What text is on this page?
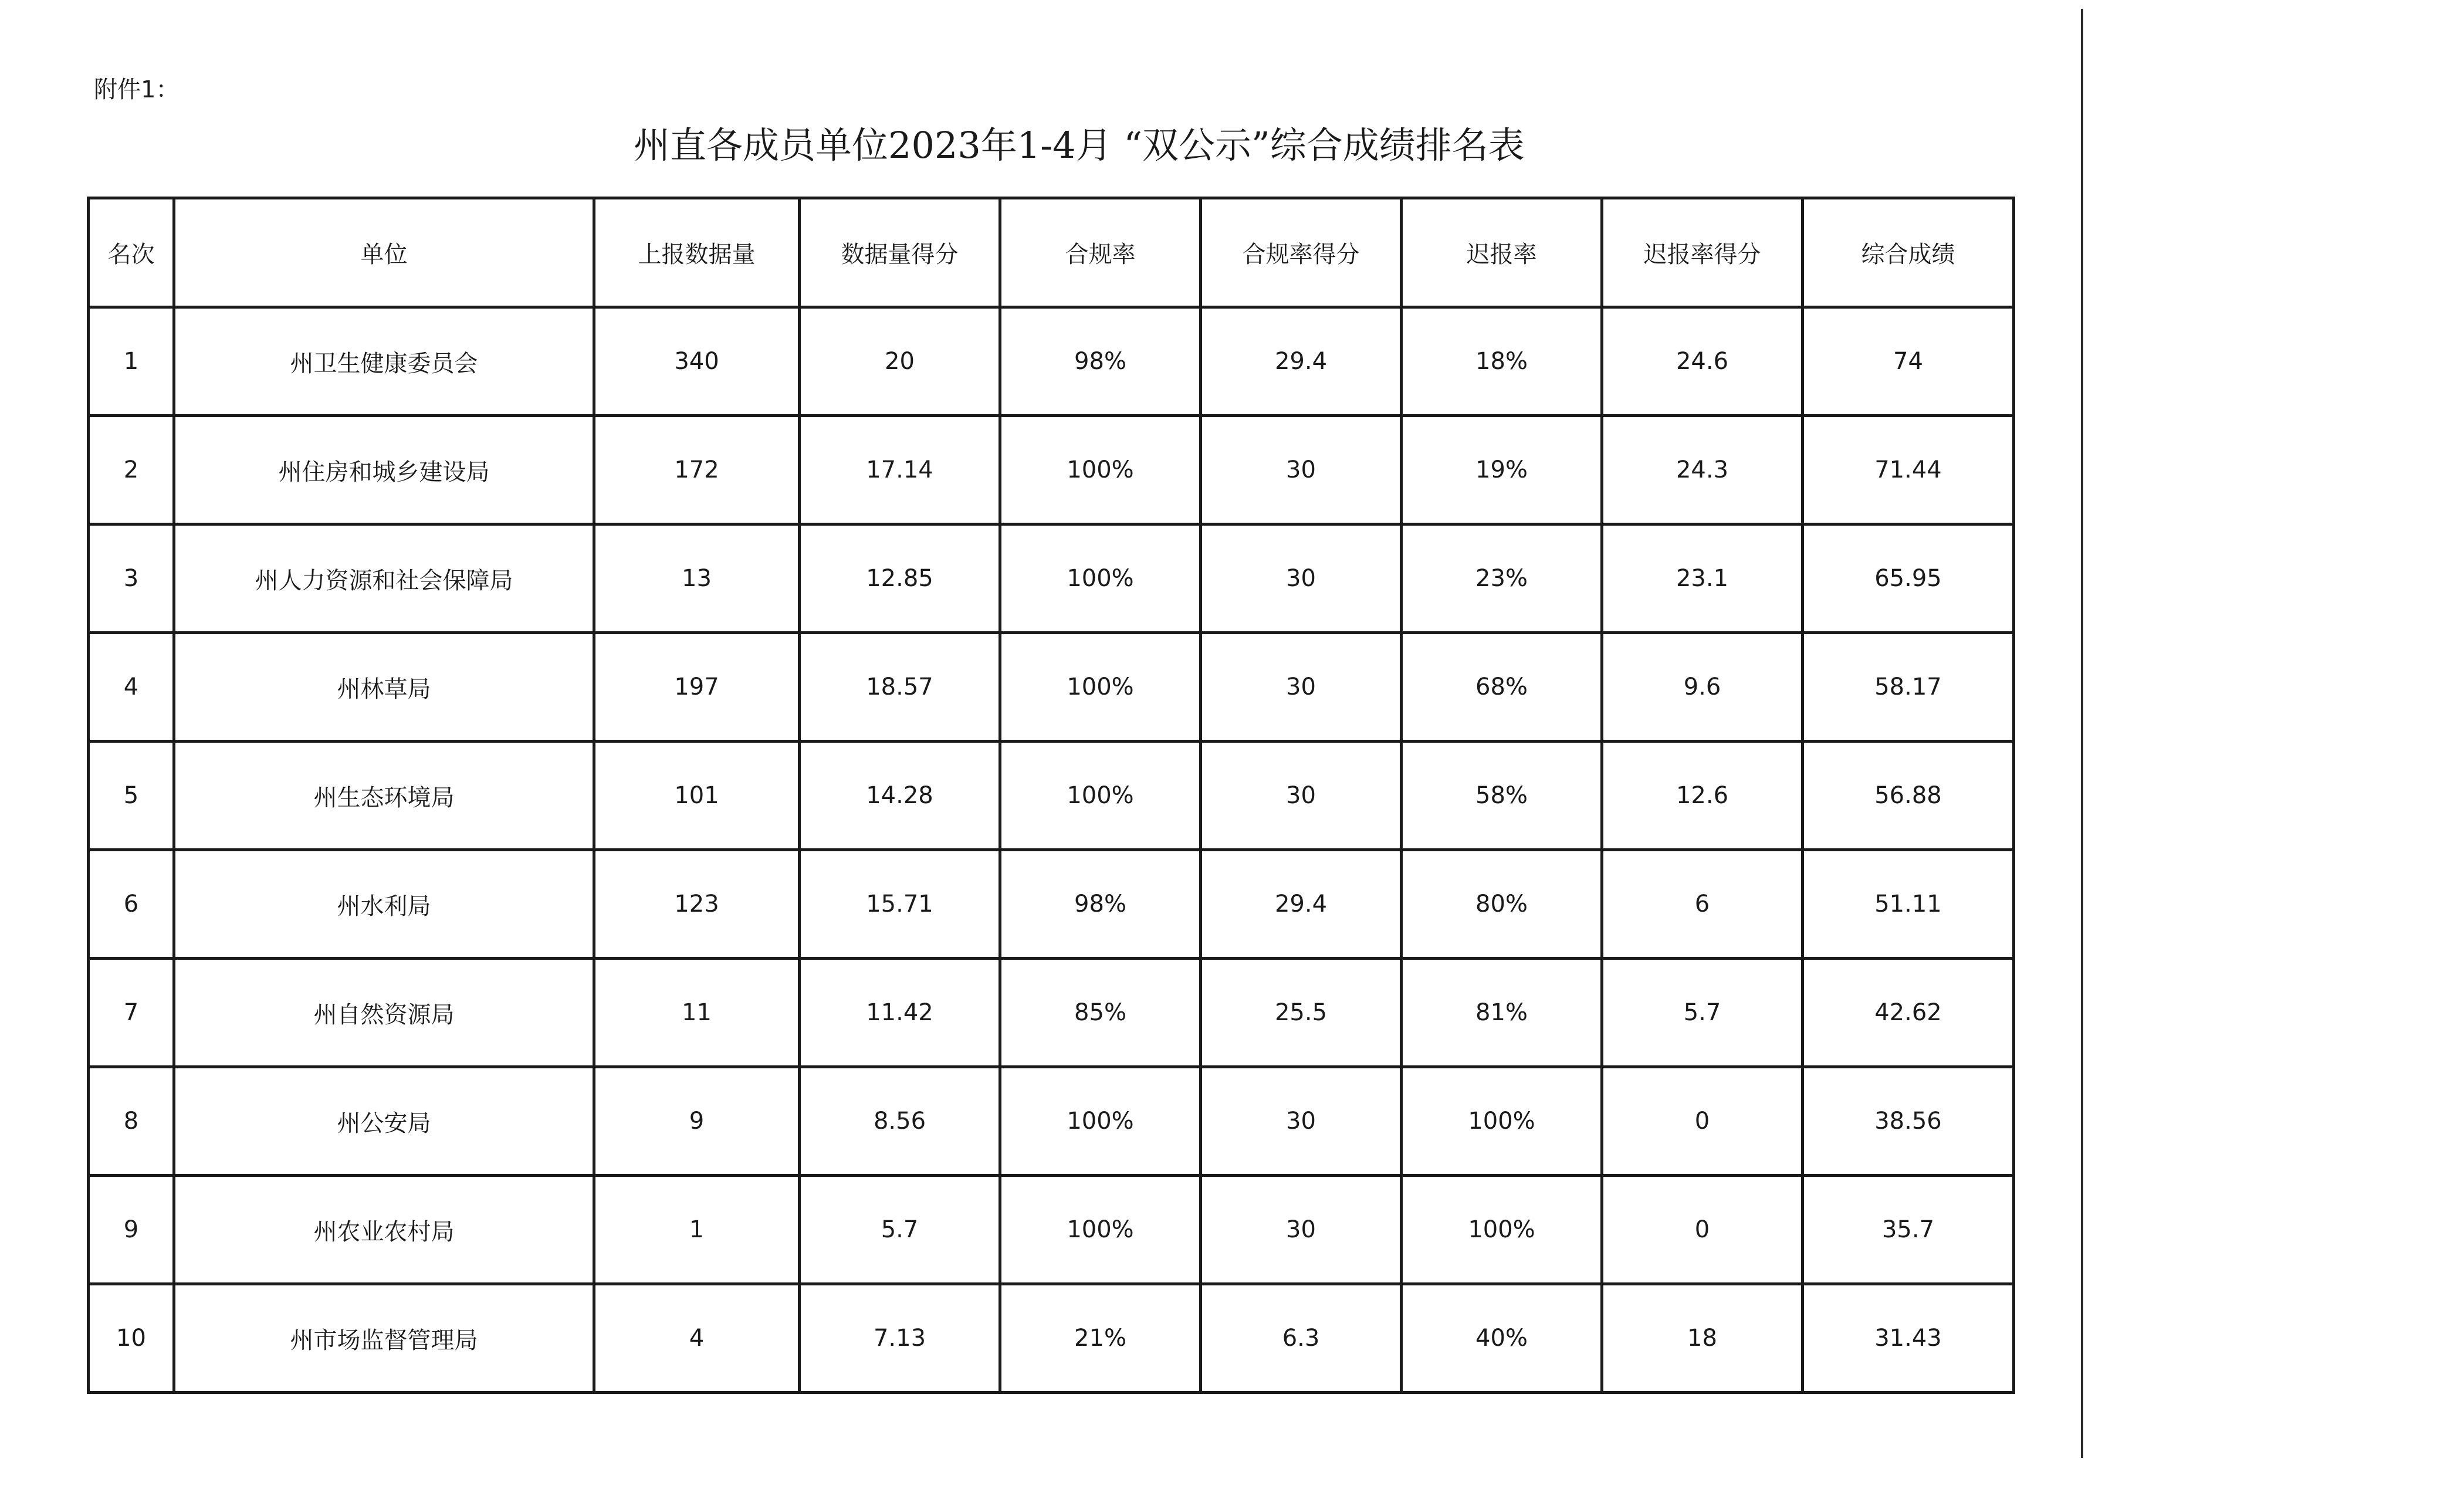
附件1：
州直各成员单位2023年1-4月 “双公示”综合成绩排名表
名次	单位	上报数据量	数据量得分	合规率	合规率得分	迟报率	迟报率得分	综合成绩
1	州卫生健康委员会	340	20	98%	29.4	18%	24.6	74
2	州住房和城乡建设局	172	17.14	100%	30	19%	24.3	71.44
3	州人力资源和社会保障局	13	12.85	100%	30	23%	23.1	65.95
4	州林草局	197	18.57	100%	30	68%	9.6	58.17
5	州生态环境局	101	14.28	100%	30	58%	12.6	56.88
6	州水利局	123	15.71	98%	29.4	80%	6	51.11
7	州自然资源局	11	11.42	85%	25.5	81%	5.7	42.62
8	州公安局	9	8.56	100%	30	100%	0	38.56
9	州农业农村局	1	5.7	100%	30	100%	0	35.7
10	州市场监督管理局	4	7.13	21%	6.3	40%	18	31.43
